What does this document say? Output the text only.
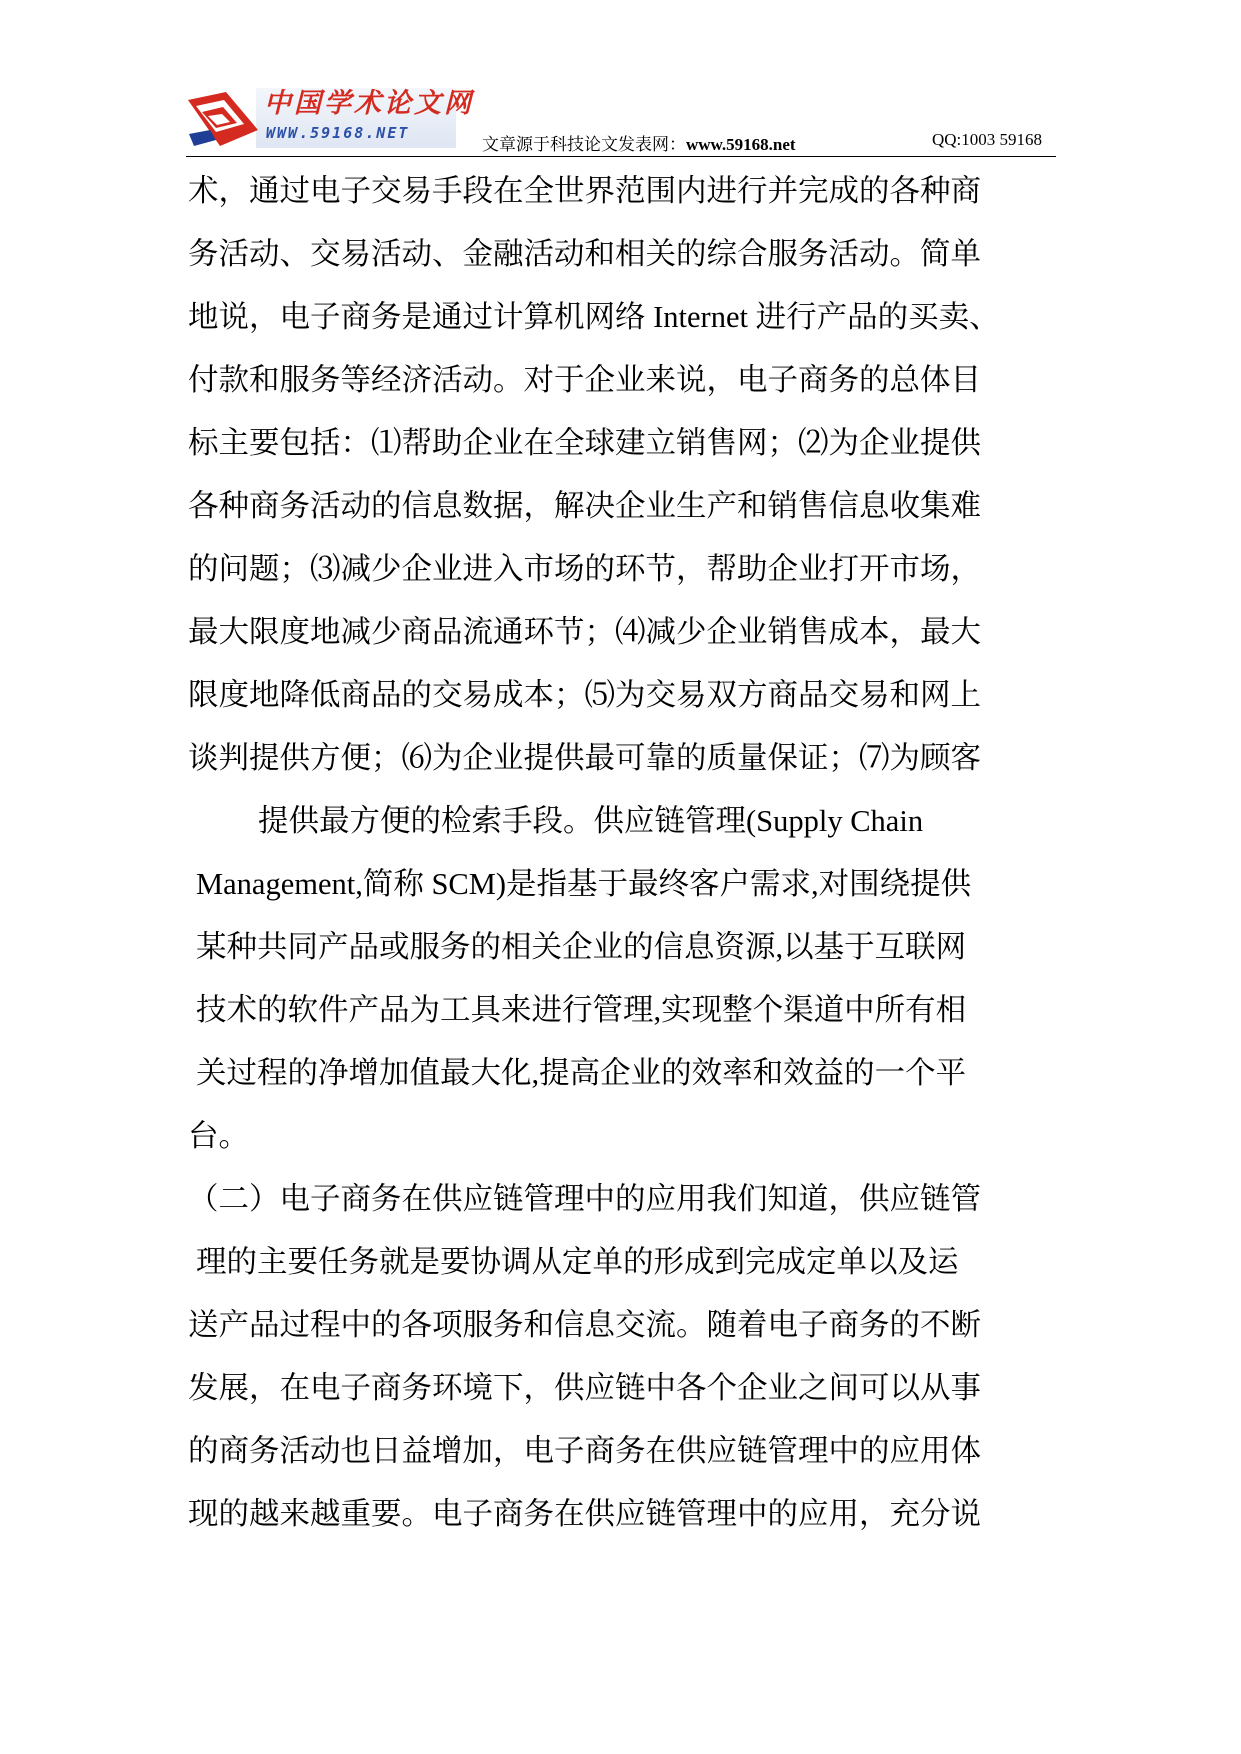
中国学术论文网
WWW.59168.NET
文章源于科技论文发表网：www.59168.net	QQ:1003 59168
术，通过电子交易手段在全世界范围内进行并完成的各种商
务活动、交易活动、金融活动和相关的综合服务活动。简单
地说，电子商务是通过计算机网络 Internet 进行产品的买卖、
付款和服务等经济活动。对于企业来说，电子商务的总体目
标主要包括：⑴帮助企业在全球建立销售网；⑵为企业提供
各种商务活动的信息数据，解决企业生产和销售信息收集难
的问题；⑶减少企业进入市场的环节，帮助企业打开市场，
最大限度地减少商品流通环节；⑷减少企业销售成本，最大
限度地降低商品的交易成本；⑸为交易双方商品交易和网上
谈判提供方便；⑹为企业提供最可靠的质量保证；⑺为顾客
提供最方便的检索手段。供应链管理(Supply Chain
Management,简称 SCM)是指基于最终客户需求,对围绕提供
某种共同产品或服务的相关企业的信息资源,以基于互联网
技术的软件产品为工具来进行管理,实现整个渠道中所有相
关过程的净增加值最大化,提高企业的效率和效益的一个平
台。
（二）电子商务在供应链管理中的应用我们知道，供应链管
理的主要任务就是要协调从定单的形成到完成定单以及运
送产品过程中的各项服务和信息交流。随着电子商务的不断
发展，在电子商务环境下，供应链中各个企业之间可以从事
的商务活动也日益增加，电子商务在供应链管理中的应用体
现的越来越重要。电子商务在供应链管理中的应用，充分说
